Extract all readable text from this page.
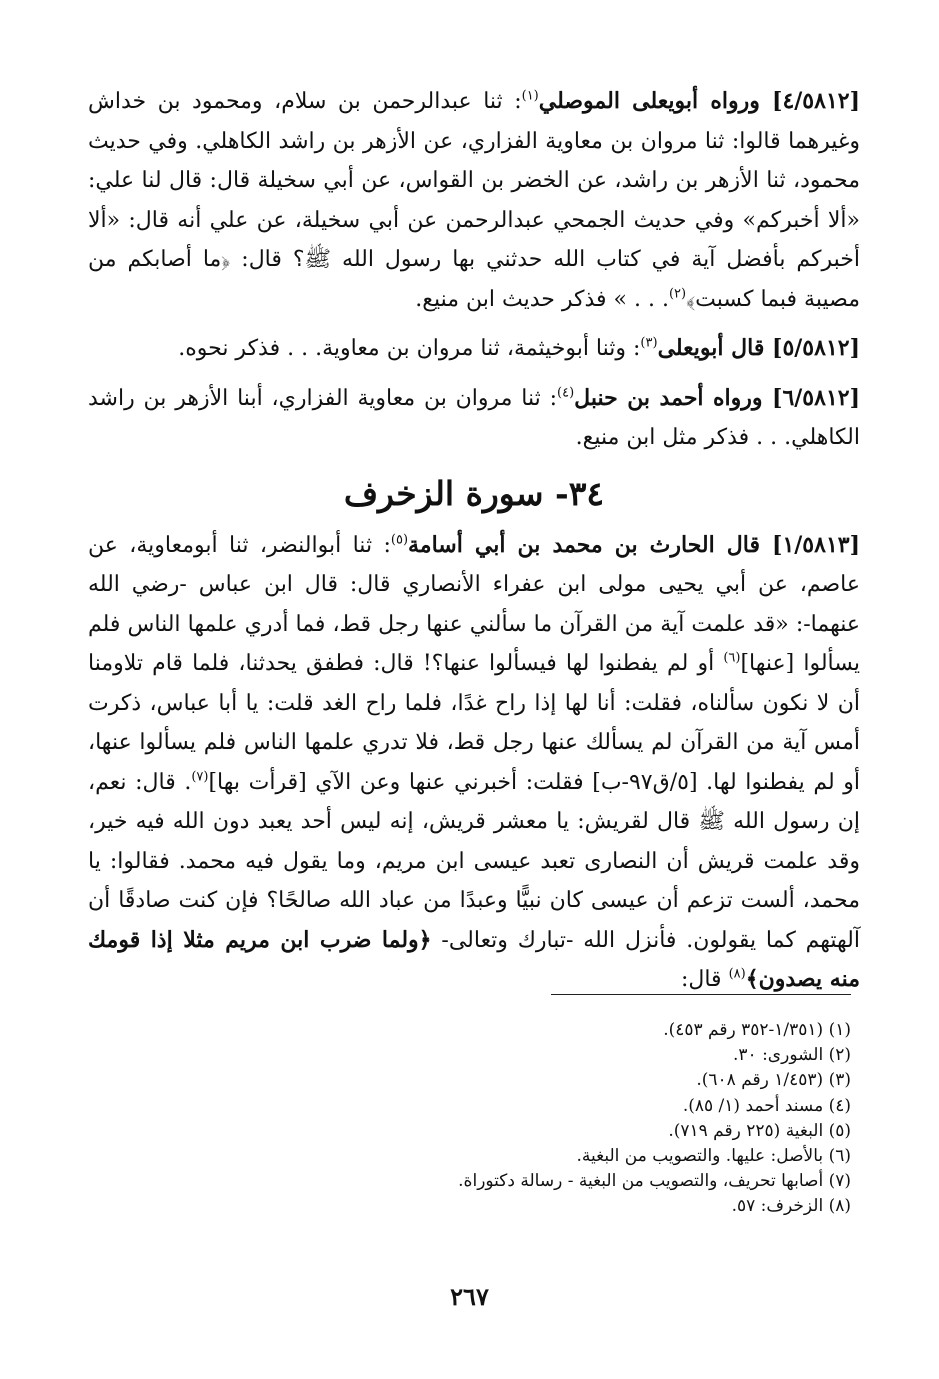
[٤/٥٨١٢] ورواه أبويعلى الموصلي$^{(١)}$: ثنا عبدالرحمن بن سلام، ومحمود بن خداش وغيرهما قالوا: ثنا مروان بن معاوية الفزاري، عن الأزهر بن راشد الكاهلي. وفي حديث محمود، ثنا الأزهر بن راشد، عن الخضر بن القواس، عن أبي سخيلة قال: قال لنا علي: «ألا أخبركم» وفي حديث الجمحي عبدالرحمن عن أبي سخيلة، عن علي أنه قال: «ألا أخبركم بأفضل آية في كتاب الله حدثني بها رسول الله ﷺ؟ قال: ﴿ما أصابكم من مصيبة فبما كسبت﴾$^{(٢)}$. . . » فذكر حديث ابن منيع.

[٥/٥٨١٢] قال أبويعلى$^{(٣)}$: وثنا أبوخيثمة، ثنا مروان بن معاوية. . . فذكر نحوه.

[٦/٥٨١٢] ورواه أحمد بن حنبل$^{(٤)}$: ثنا مروان بن معاوية الفزاري، أبنا الأزهر بن راشد الكاهلي. . . فذكر مثل ابن منيع.

٣٤- سورة الزخرف

[١/٥٨١٣] قال الحارث بن محمد بن أبي أسامة$^{(٥)}$: ثنا أبوالنضر، ثنا أبومعاوية، عن عاصم، عن أبي يحيى مولى ابن عفراء الأنصاري قال: قال ابن عباس -رضي الله عنهما-: «قد علمت آية من القرآن ما سألني عنها رجل قط، فما أدري علمها الناس فلم يسألوا [عنها]$^{(٦)}$ أو لم يفطنوا لها فيسألوا عنها؟! قال: فطفق يحدثنا، فلما قام تلاومنا أن لا نكون سألناه، فقلت: أنا لها إذا راح غدًا، فلما راح الغد قلت: يا أبا عباس، ذكرت أمس آية من القرآن لم يسألك عنها رجل قط، فلا تدري علمها الناس فلم يسألوا عنها، أو لم يفطنوا لها. [٥/ق٩٧-ب] فقلت: أخبرني عنها وعن الآي [قرأت بها]$^{(٧)}$. قال: نعم، إن رسول الله ﷺ قال لقريش: يا معشر قريش، إنه ليس أحد يعبد دون الله فيه خير، وقد علمت قريش أن النصارى تعبد عيسى ابن مريم، وما يقول فيه محمد. فقالوا: يا محمد، ألست تزعم أن عيسى كان نبيًّا وعبدًا من عباد الله صالحًا؟ فإن كنت صادقًا أن آلهتهم كما يقولون. فأنزل الله -تبارك وتعالى- ﴿ولما ضرب ابن مريم مثلا إذا قومك منه يصدون﴾$^{(٨)}$ قال:

(١) (١/٣٥١-٣٥٢ رقم ٤٥٣).
(٢) الشورى: ٣٠.
(٣) (١/٤٥٣ رقم ٦٠٨).
(٤) مسند أحمد (١/ ٨٥).
(٥) البغية (٢٢٥ رقم ٧١٩).
(٦) بالأصل: عليها. والتصويب من البغية.
(٧) أصابها تحريف، والتصويب من البغية - رسالة دكتوراة.
(٨) الزخرف: ٥٧.
٢٦٧
